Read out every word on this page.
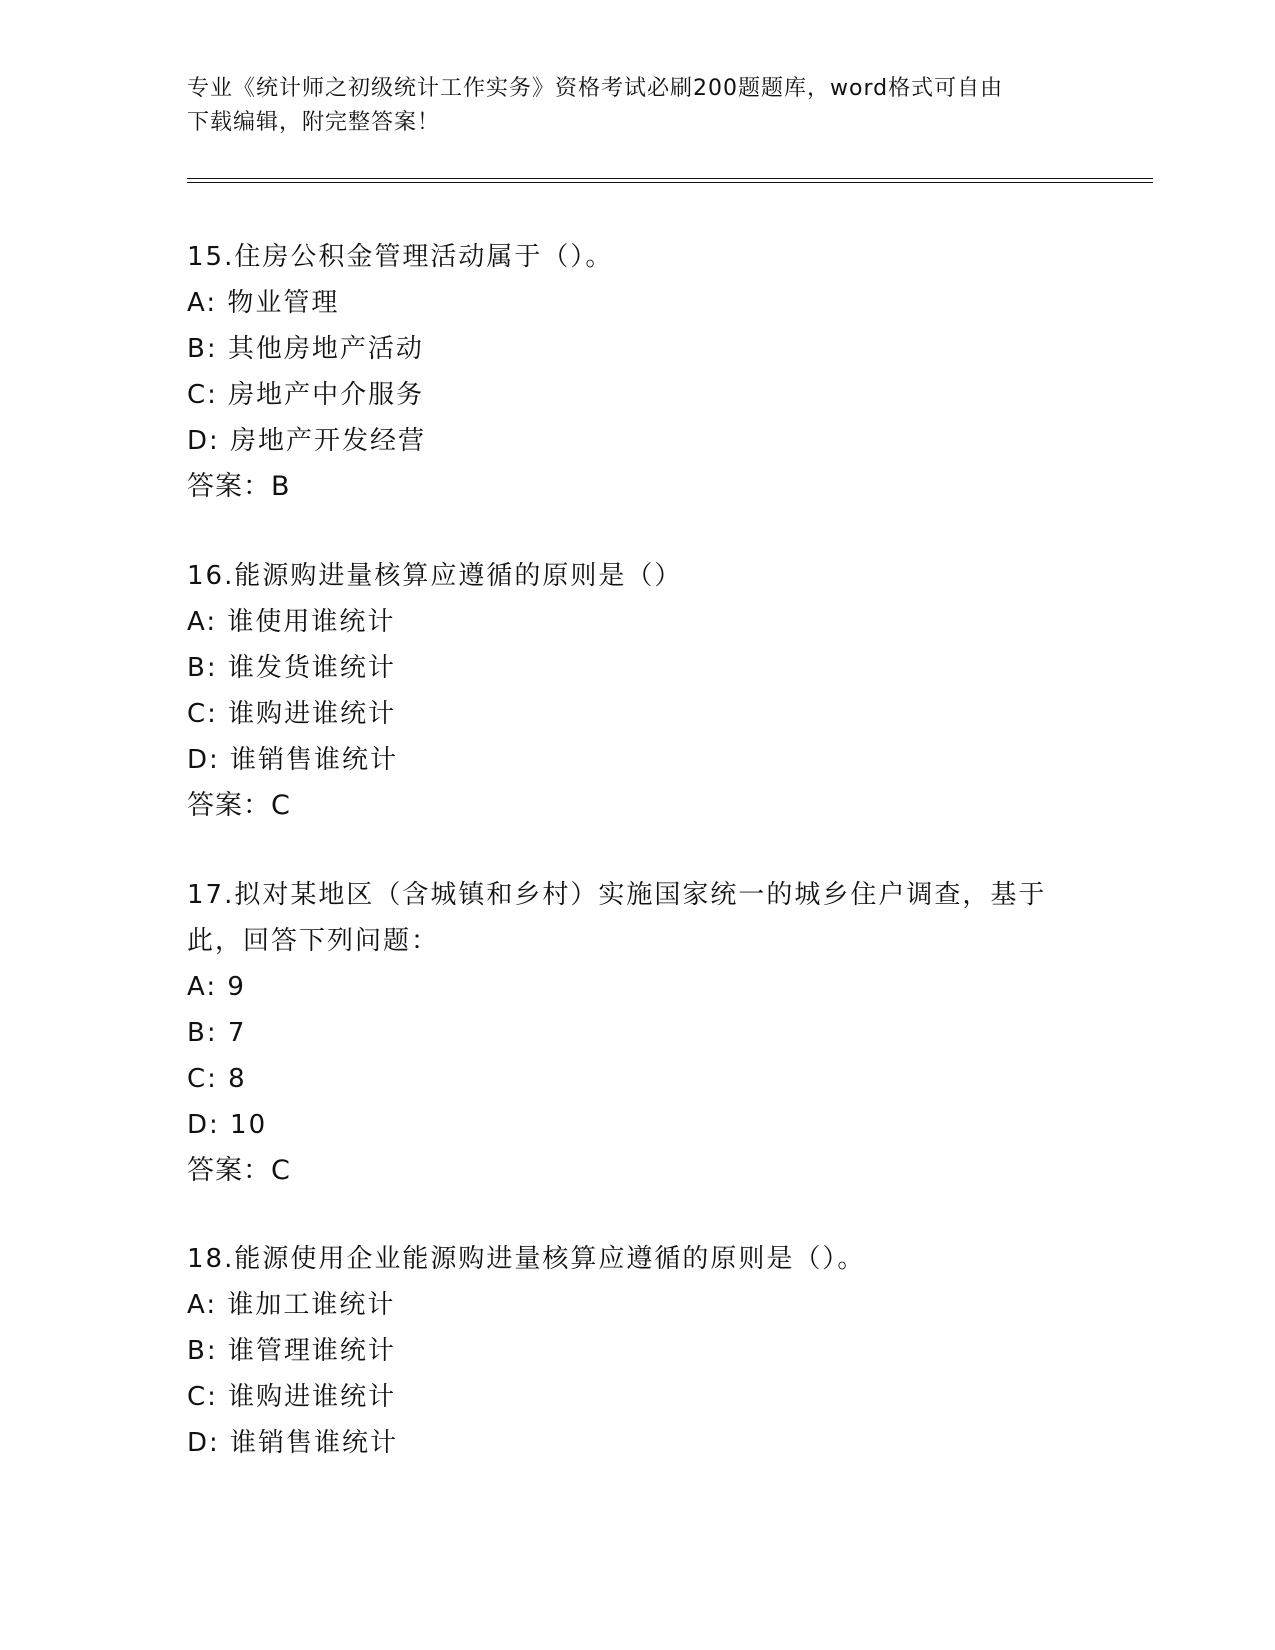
专业《统计师之初级统计工作实务》资格考试必刷200题题库，word格式可自由
下载编辑，附完整答案！
15.住房公积金管理活动属于（）。
A: 物业管理
B: 其他房地产活动
C: 房地产中介服务
D: 房地产开发经营
答案：B
16.能源购进量核算应遵循的原则是（）
A: 谁使用谁统计
B: 谁发货谁统计
C: 谁购进谁统计
D: 谁销售谁统计
答案：C
17.拟对某地区（含城镇和乡村）实施国家统一的城乡住户调查，基于
此，回答下列问题：
A: 9
B: 7
C: 8
D: 10
答案：C
18.能源使用企业能源购进量核算应遵循的原则是（）。
A: 谁加工谁统计
B: 谁管理谁统计
C: 谁购进谁统计
D: 谁销售谁统计
